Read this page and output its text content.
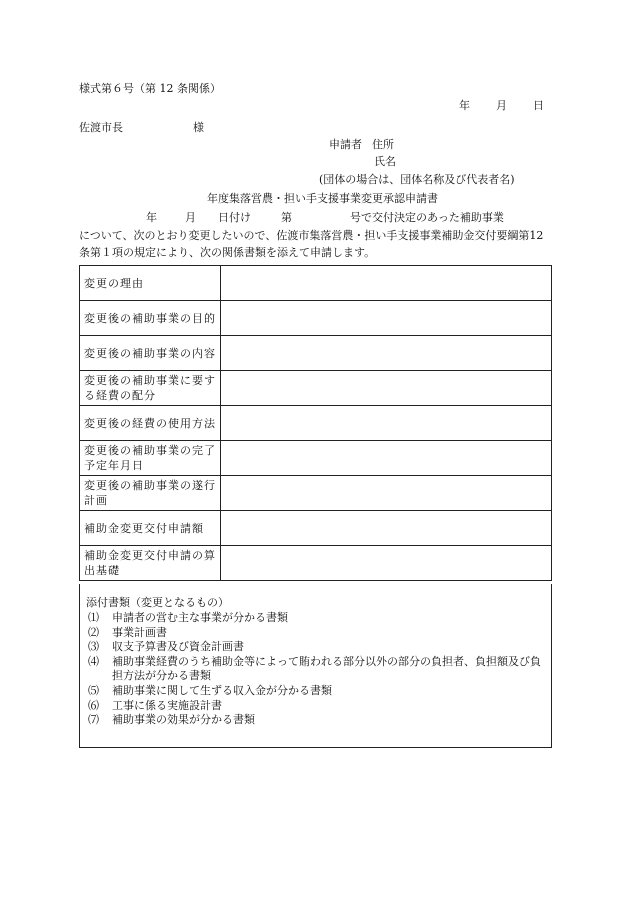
様式第６号（第 12 条関係）
年 月 日
佐渡市長	様
申請者 住所
氏名
(団体の場合は、団体名称及び代表者名)
年度集落営農・担い手支援事業変更承認申請書
年	月 日付け	第	号で交付決定のあった補助事業
について、次のとおり変更したいので、佐渡市集落営農・担い手支援事業補助金交付要綱第12条第１項の規定により、次の関係書類を添えて申請します。
変更の理由	
変更後の補助事業の目的	
変更後の補助事業の内容	
変更後の補助事業に要する経費の配分	
変更後の経費の使用方法	
変更後の補助事業の完了予定年月日	
変更後の補助事業の遂行計画	
補助金変更交付申請額	
補助金変更交付申請の算出基礎	
添付書類（変更となるもの）
⑴	申請者の営む主な事業が分かる書類
⑵	事業計画書
⑶	収支予算書及び資金計画書
⑷	補助事業経費のうち補助金等によって賄われる部分以外の部分の負担者、負担額及び負担方法が分かる書類
⑸	補助事業に関して生ずる収入金が分かる書類
⑹	工事に係る実施設計書
⑺	補助事業の効果が分かる書類
